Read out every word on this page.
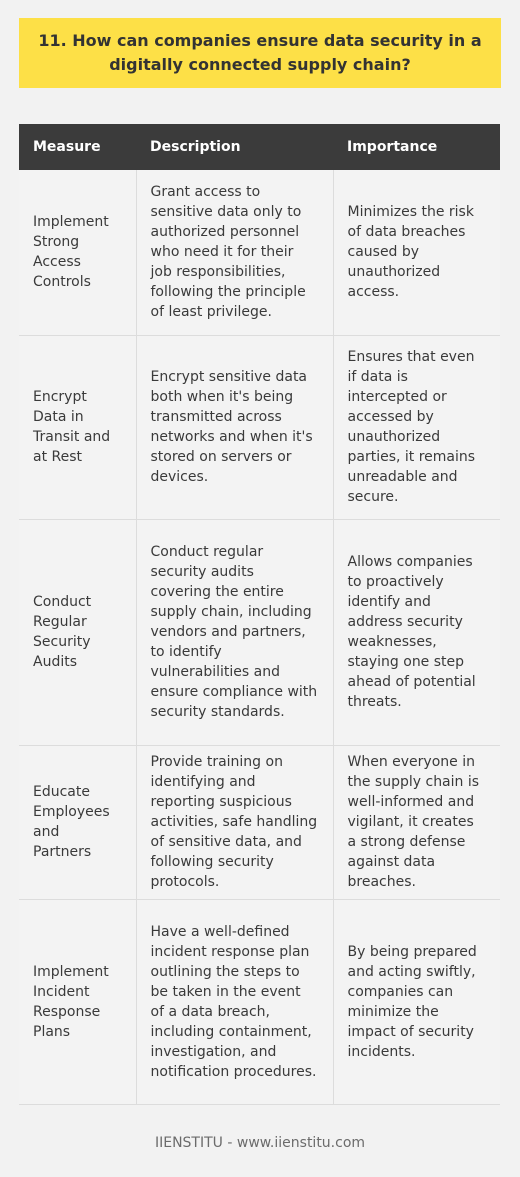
11. How can companies ensure data security in a digitally connected supply chain?
Measure	Description	Importance
Implement Strong Access Controls	Grant access to sensitive data only to authorized personnel who need it for their job responsibilities, following the principle of least privilege.	Minimizes the risk of data breaches caused by unauthorized access.
Encrypt Data in Transit and at Rest	Encrypt sensitive data both when it's being transmitted across networks and when it's stored on servers or devices.	Ensures that even if data is intercepted or accessed by unauthorized parties, it remains unreadable and secure.
Conduct Regular Security Audits	Conduct regular security audits covering the entire supply chain, including vendors and partners, to identify vulnerabilities and ensure compliance with security standards.	Allows companies to proactively identify and address security weaknesses, staying one step ahead of potential threats.
Educate Employees and Partners	Provide training on identifying and reporting suspicious activities, safe handling of sensitive data, and following security protocols.	When everyone in the supply chain is well-informed and vigilant, it creates a strong defense against data breaches.
Implement Incident Response Plans	Have a well-defined incident response plan outlining the steps to be taken in the event of a data breach, including containment, investigation, and notification procedures.	By being prepared and acting swiftly, companies can minimize the impact of security incidents.
IIENSTITU - www.iienstitu.com
